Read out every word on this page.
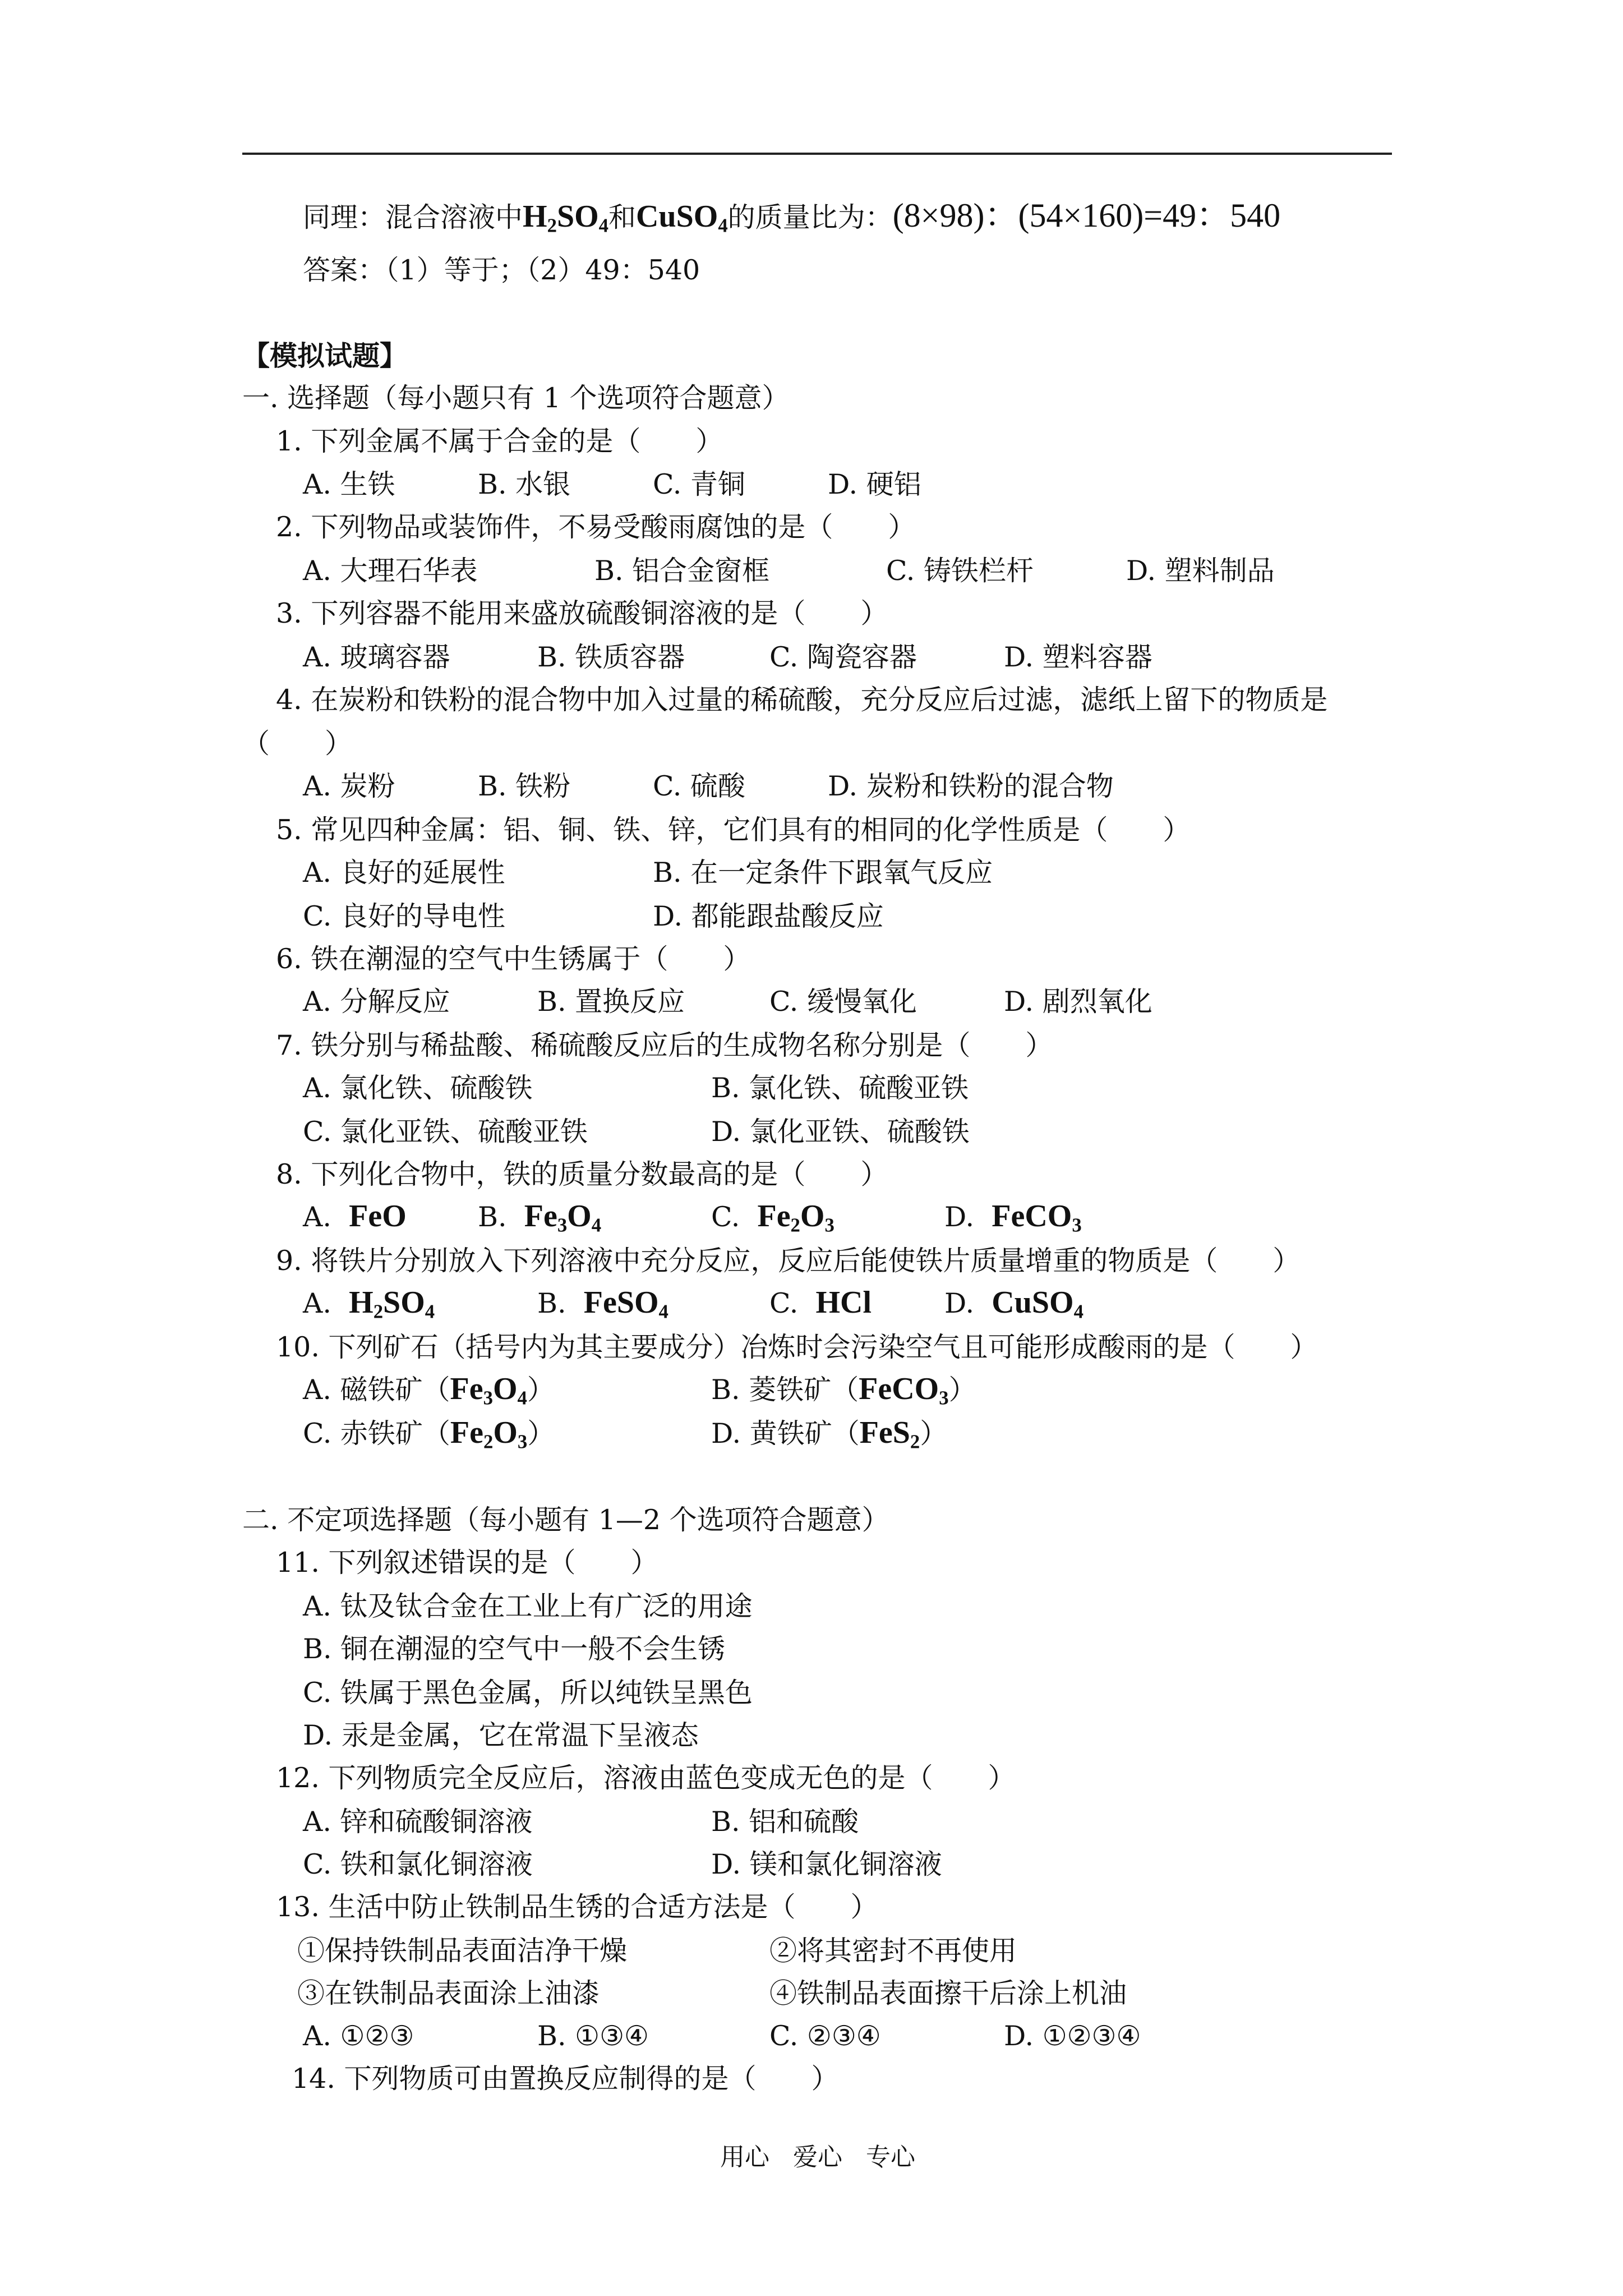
同理：混合溶液中$H_2SO_4$和CuSO$_4$的质量比为：(8×98)：(54×160)=49：540
答案：（1）等于；（2）49：540
【模拟试题】
一. 选择题（每小题只有 1 个选项符合题意）
1. 下列金属不属于合金的是（　　）
A. 生铁	B. 水银	C. 青铜	D. 硬铝
2. 下列物品或装饰件，不易受酸雨腐蚀的是（　　）
A. 大理石华表	B. 铝合金窗框	C. 铸铁栏杆	D. 塑料制品
3. 下列容器不能用来盛放硫酸铜溶液的是（　　）
A. 玻璃容器	B. 铁质容器	C. 陶瓷容器	D. 塑料容器
4. 在炭粉和铁粉的混合物中加入过量的稀硫酸，充分反应后过滤，滤纸上留下的物质是
（　　）
A. 炭粉	B. 铁粉	C. 硫酸	D. 炭粉和铁粉的混合物
5. 常见四种金属：铝、铜、铁、锌，它们具有的相同的化学性质是（　　）
A. 良好的延展性	B. 在一定条件下跟氧气反应
C. 良好的导电性	D. 都能跟盐酸反应
6. 铁在潮湿的空气中生锈属于（　　）
A. 分解反应	B. 置换反应	C. 缓慢氧化	D. 剧烈氧化
7. 铁分别与稀盐酸、稀硫酸反应后的生成物名称分别是（　　）
A. 氯化铁、硫酸铁	B. 氯化铁、硫酸亚铁
C. 氯化亚铁、硫酸亚铁	D. 氯化亚铁、硫酸铁
8. 下列化合物中，铁的质量分数最高的是（　　）
A. FeO	B. $Fe_3O_4$	C. $Fe_2O_3$	D. FeCO$_3$
9. 将铁片分别放入下列溶液中充分反应，反应后能使铁片质量增重的物质是（　　）
A. $H_2SO_4$	B. FeSO$_4$	C. HCl	D. CuSO$_4$
10. 下列矿石（括号内为其主要成分）冶炼时会污染空气且可能形成酸雨的是（　　）
A. 磁铁矿$(Fe_3O_4)$	B. 菱铁矿（FeCO$_3$）
C. 赤铁矿$(Fe_2O_3)$	D. 黄铁矿（FeS$_2$）
二. 不定项选择题（每小题有 1—2 个选项符合题意）
11. 下列叙述错误的是（　　）
A. 钛及钛合金在工业上有广泛的用途
B. 铜在潮湿的空气中一般不会生锈
C. 铁属于黑色金属，所以纯铁呈黑色
D. 汞是金属，它在常温下呈液态
12. 下列物质完全反应后，溶液由蓝色变成无色的是（　　）
A. 锌和硫酸铜溶液	B. 铝和硫酸
C. 铁和氯化铜溶液	D. 镁和氯化铜溶液
13. 生活中防止铁制品生锈的合适方法是（　　）
①保持铁制品表面洁净干燥	②将其密封不再使用
③在铁制品表面涂上油漆	④铁制品表面擦干后涂上机油
A. ①②③	B. ①③④	C. ②③④	D. ①②③④
14. 下列物质可由置换反应制得的是（　　）
用心 爱心 专心
